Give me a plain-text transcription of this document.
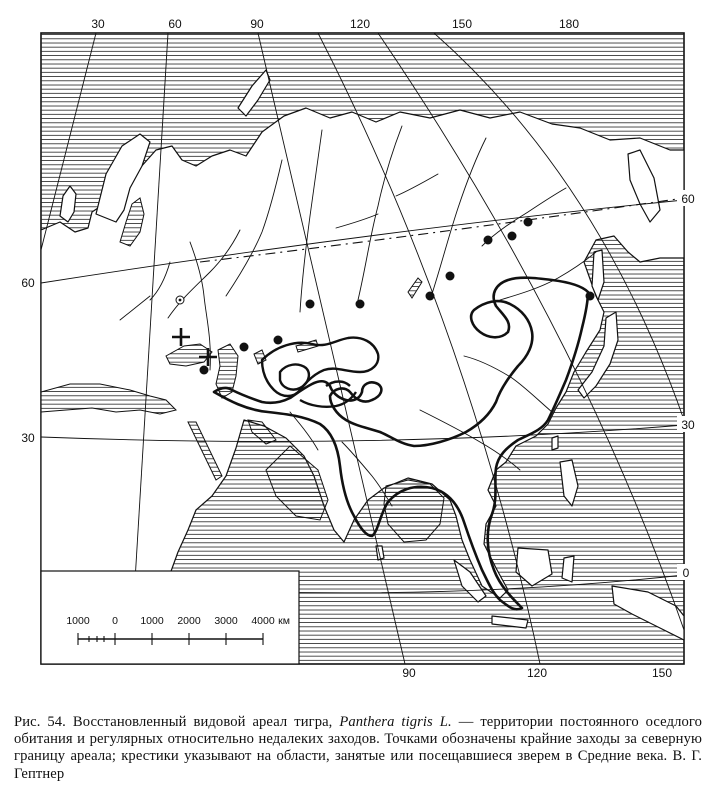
30	60	90	120	150	180
90	120	150
60
30
60
30
0
1000 0 1000 2000 3000 4000 км
Рис. 54. Восстановленный видовой ареал тигра, Panthera tigris L. — территории постоянного оседлого обитания и регулярных относительно недалеких заходов. Точками обозначены крайние заходы за северную границу ареала; крестики указывают на области, занятые или посещавшиеся зверем в Средние века. В. Г. Гептнер
